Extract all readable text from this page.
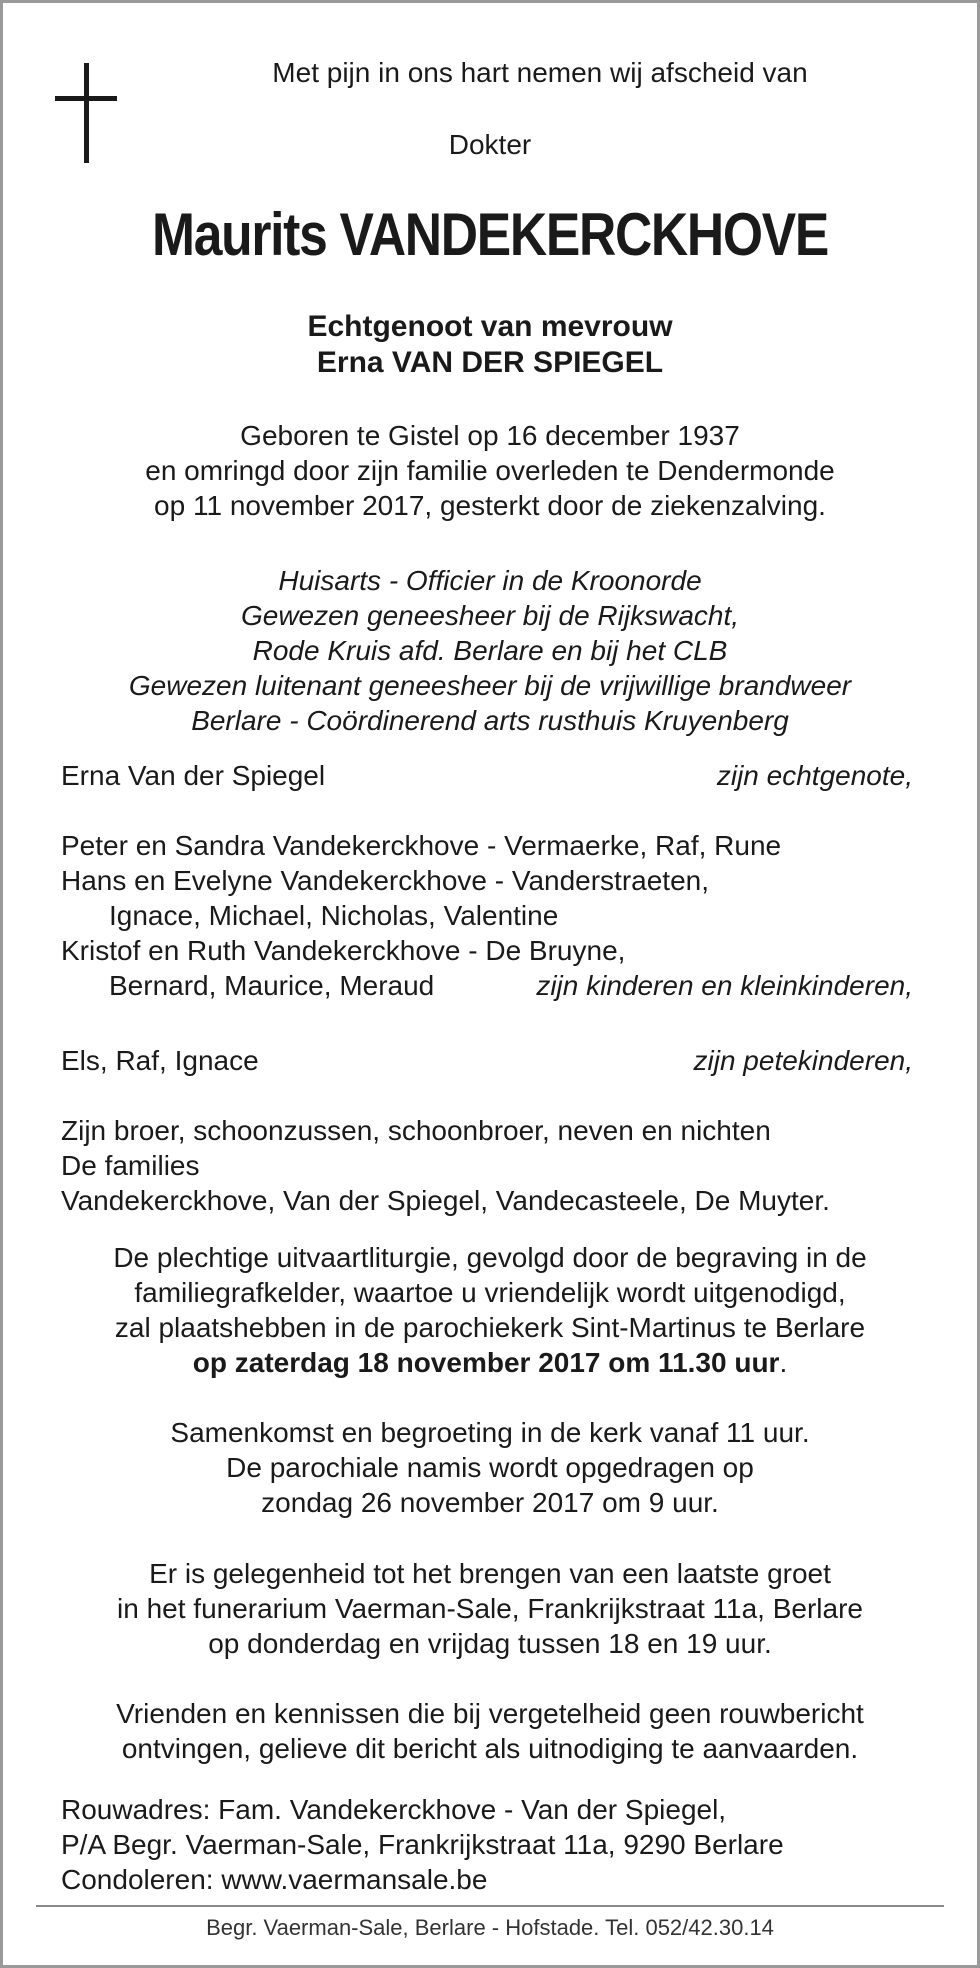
Met pijn in ons hart nemen wij afscheid van
Dokter
Maurits VANDEKERCKHOVE
Echtgenoot van mevrouw
Erna VAN DER SPIEGEL
Geboren te Gistel op 16 december 1937
en omringd door zijn familie overleden te Dendermonde
op 11 november 2017, gesterkt door de ziekenzalving.
Huisarts - Officier in de Kroonorde
Gewezen geneesheer bij de Rijkswacht,
Rode Kruis afd. Berlare en bij het CLB
Gewezen luitenant geneesheer bij de vrijwillige brandweer
Berlare - Coördinerend arts rusthuis Kruyenberg
Erna Van der Spiegel	zijn echtgenote,
Peter en Sandra Vandekerckhove - Vermaerke, Raf, Rune
Hans en Evelyne Vandekerckhove - Vanderstraeten,
Ignace, Michael, Nicholas, Valentine
Kristof en Ruth Vandekerckhove - De Bruyne,
Bernard, Maurice, Meraud	zijn kinderen en kleinkinderen,
Els, Raf, Ignace	zijn petekinderen,
Zijn broer, schoonzussen, schoonbroer, neven en nichten
De families
Vandekerckhove, Van der Spiegel, Vandecasteele, De Muyter.
De plechtige uitvaartliturgie, gevolgd door de begraving in de
familiegrafkelder, waartoe u vriendelijk wordt uitgenodigd,
zal plaatshebben in de parochiekerk Sint-Martinus te Berlare
op zaterdag 18 november 2017 om 11.30 uur.
Samenkomst en begroeting in de kerk vanaf 11 uur.
De parochiale namis wordt opgedragen op
zondag 26 november 2017 om 9 uur.
Er is gelegenheid tot het brengen van een laatste groet
in het funerarium Vaerman-Sale, Frankrijkstraat 11a, Berlare
op donderdag en vrijdag tussen 18 en 19 uur.
Vrienden en kennissen die bij vergetelheid geen rouwbericht
ontvingen, gelieve dit bericht als uitnodiging te aanvaarden.
Rouwadres: Fam. Vandekerckhove - Van der Spiegel,
P/A Begr. Vaerman-Sale, Frankrijkstraat 11a, 9290 Berlare
Condoleren: www.vaermansale.be
Begr. Vaerman-Sale, Berlare - Hofstade. Tel. 052/42.30.14
